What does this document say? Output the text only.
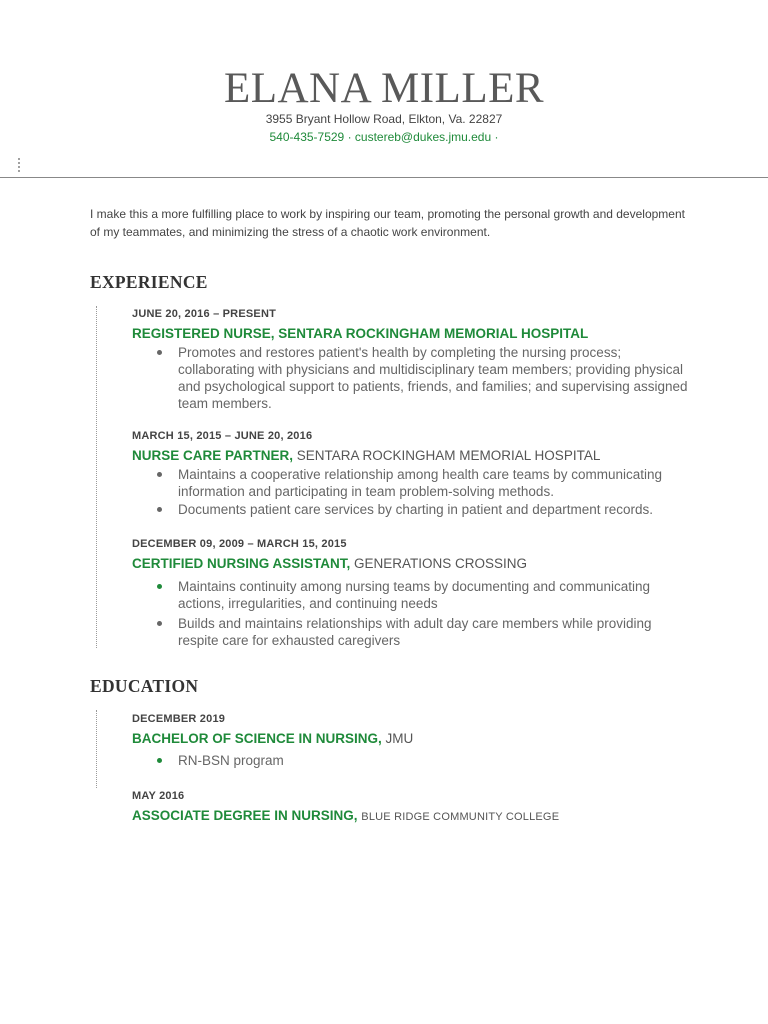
ELANA MILLER
3955 Bryant Hollow Road, Elkton, Va. 22827
540-435-7529 · custereb@dukes.jmu.edu ·

I make this a more fulfilling place to work by inspiring our team, promoting the personal growth and development of my teammates, and minimizing the stress of a chaotic work environment.

EXPERIENCE
JUNE 20, 2016 – PRESENT
REGISTERED NURSE, SENTARA ROCKINGHAM MEMORIAL HOSPITAL
Promotes and restores patient's health by completing the nursing process; collaborating with physicians and multidisciplinary team members; providing physical and psychological support to patients, friends, and families; and supervising assigned team members.
MARCH 15, 2015 – JUNE 20, 2016
NURSE CARE PARTNER, SENTARA ROCKINGHAM MEMORIAL HOSPITAL
Maintains a cooperative relationship among health care teams by communicating information and participating in team problem-solving methods.
Documents patient care services by charting in patient and department records.
DECEMBER 09, 2009 – MARCH 15, 2015
CERTIFIED NURSING ASSISTANT, GENERATIONS CROSSING
Maintains continuity among nursing teams by documenting and communicating actions, irregularities, and continuing needs
Builds and maintains relationships with adult day care members while providing respite care for exhausted caregivers
EDUCATION
DECEMBER 2019
BACHELOR OF SCIENCE IN NURSING, JMU
RN-BSN program
MAY 2016
ASSOCIATE DEGREE IN NURSING, BLUE RIDGE COMMUNITY COLLEGE
